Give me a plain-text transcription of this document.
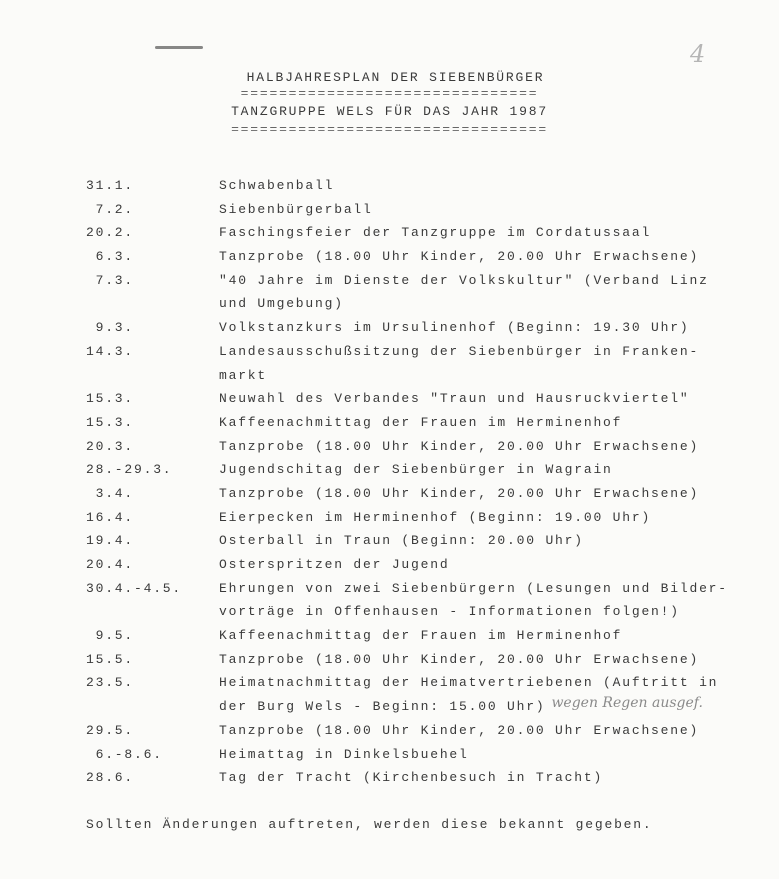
4
HALBJAHRESPLAN DER SIEBENBÜRGER
===============================
TANZGRUPPE WELS FÜR DAS JAHR 1987
=================================
31.1.	Schwabenball
7.2.	Siebenbürgerball
20.2.	Faschingsfeier der Tanzgruppe im Cordatussaal
6.3.	Tanzprobe (18.00 Uhr Kinder, 20.00 Uhr Erwachsene)
7.3.	"40 Jahre im Dienste der Volkskultur" (Verband Linz
und Umgebung)
9.3.	Volkstanzkurs im Ursulinenhof (Beginn: 19.30 Uhr)
14.3.	Landesausschußsitzung der Siebenbürger in Franken-
markt
15.3.	Neuwahl des Verbandes "Traun und Hausruckviertel"
15.3.	Kaffeenachmittag der Frauen im Herminenhof
20.3.	Tanzprobe (18.00 Uhr Kinder, 20.00 Uhr Erwachsene)
28.-29.3.	Jugendschitag der Siebenbürger in Wagrain
3.4.	Tanzprobe (18.00 Uhr Kinder, 20.00 Uhr Erwachsene)
16.4.	Eierpecken im Herminenhof (Beginn: 19.00 Uhr)
19.4.	Osterball in Traun (Beginn: 20.00 Uhr)
20.4.	Osterspritzen der Jugend
30.4.-4.5.	Ehrungen von zwei Siebenbürgern (Lesungen und Bilder-
vorträge in Offenhausen - Informationen folgen!)
9.5.	Kaffeenachmittag der Frauen im Herminenhof
15.5.	Tanzprobe (18.00 Uhr Kinder, 20.00 Uhr Erwachsene)
23.5.	Heimatnachmittag der Heimatvertriebenen (Auftritt in
der Burg Wels - Beginn: 15.00 Uhr) wegen Regen ausgef.
29.5.	Tanzprobe (18.00 Uhr Kinder, 20.00 Uhr Erwachsene)
6.-8.6.	Heimattag in Dinkelsbuehel
28.6.	Tag der Tracht (Kirchenbesuch in Tracht)
Sollten Änderungen auftreten, werden diese bekannt gegeben.
